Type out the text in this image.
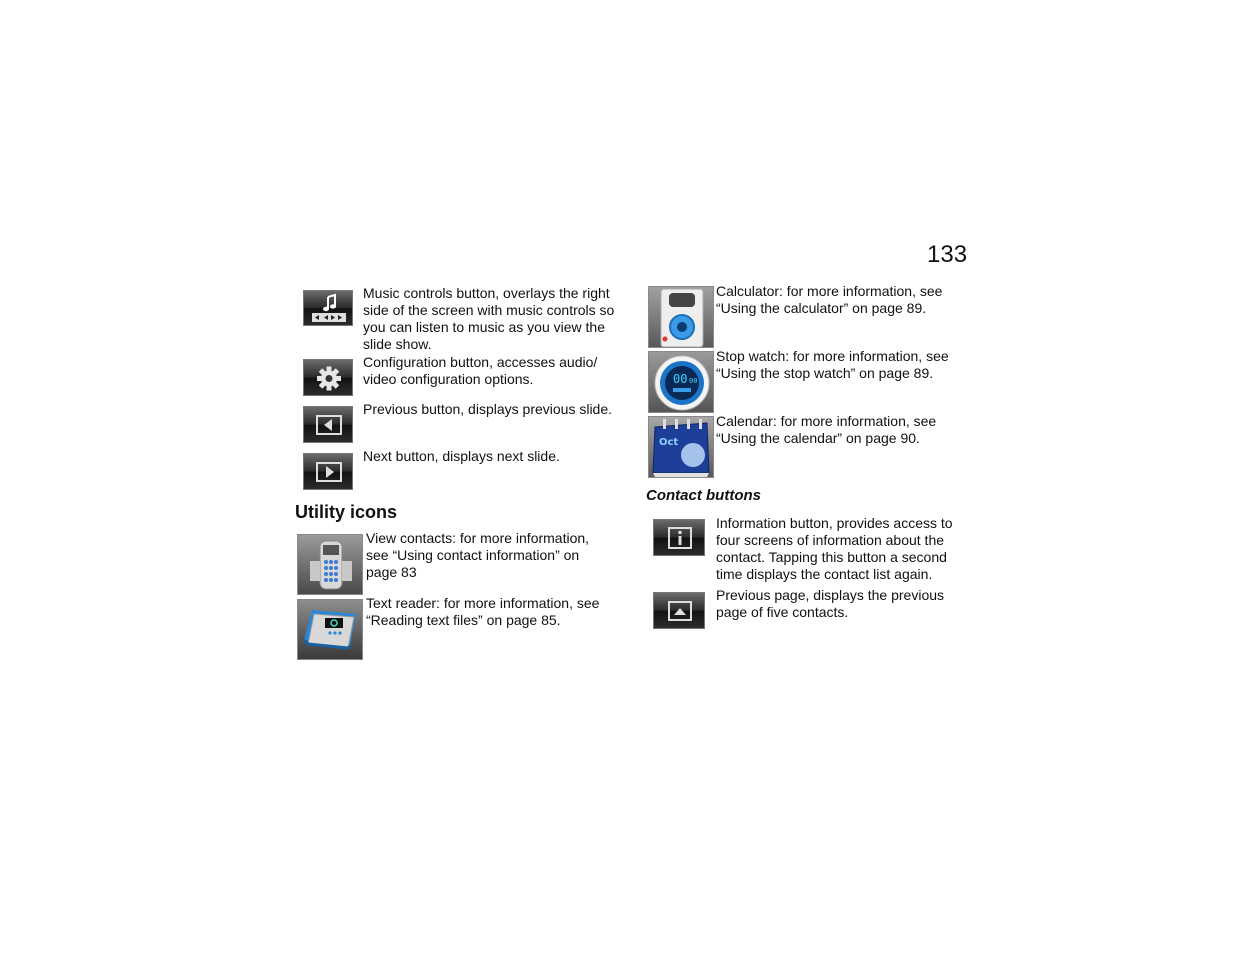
133
Music controls button, overlays the right
side of the screen with music controls so
you can listen to music as you view the
slide show.
Configuration button, accesses audio/
video configuration options.
Previous button, displays previous slide.
Next button, displays next slide.
Utility icons
View contacts: for more information,
see “Using contact information” on
page 83
Text reader: for more information, see
“Reading text files” on page 85.
Calculator: for more information, see
“Using the calculator” on page 89.
00 00
Stop watch: for more information, see
“Using the stop watch” on page 89.
Oct
Calendar: for more information, see
“Using the calendar” on page 90.
Contact buttons
Information button, provides access to
four screens of information about the
contact. Tapping this button a second
time displays the contact list again.
Previous page, displays the previous
page of five contacts.
